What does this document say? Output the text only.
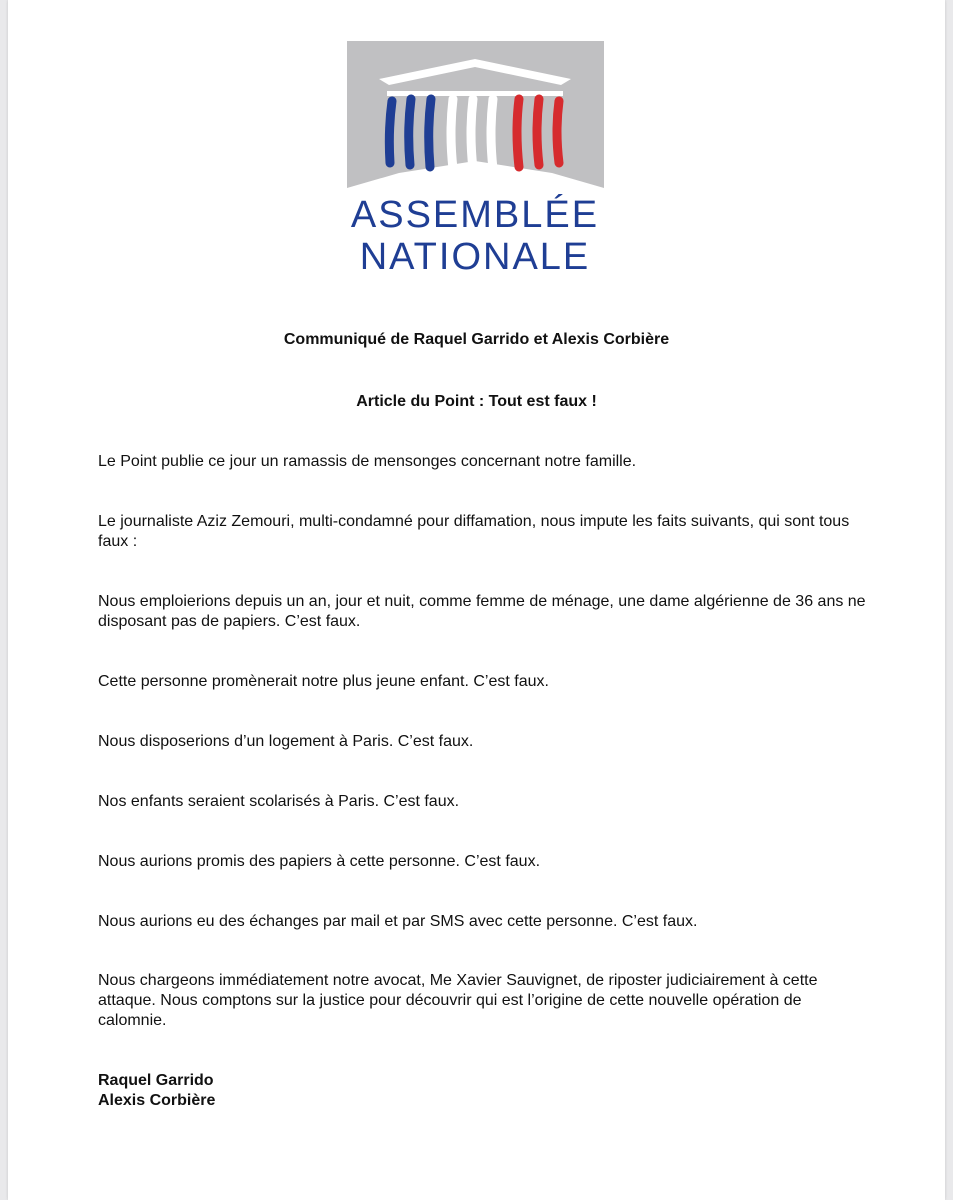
ASSEMBLÉE
NATIONALE
Communiqué de Raquel Garrido et Alexis Corbière
Article du Point : Tout est faux !

Le Point publie ce jour un ramassis de mensonges concernant notre famille.

Le journaliste Aziz Zemouri, multi-condamné pour diffamation, nous impute les faits suivants, qui sont tous faux :

Nous emploierions depuis un an, jour et nuit, comme femme de ménage, une dame algérienne de 36 ans ne disposant pas de papiers. C’est faux.

Cette personne promènerait notre plus jeune enfant. C’est faux.

Nous disposerions d’un logement à Paris. C’est faux.

Nos enfants seraient scolarisés à Paris. C’est faux.

Nous aurions promis des papiers à cette personne. C’est faux.

Nous aurions eu des échanges par mail et par SMS avec cette personne. C’est faux.

Nous chargeons immédiatement notre avocat, Me Xavier Sauvignet, de riposter judiciairement à cette attaque. Nous comptons sur la justice pour découvrir qui est l’origine de cette nouvelle opération de calomnie.

Raquel Garrido
Alexis Corbière
